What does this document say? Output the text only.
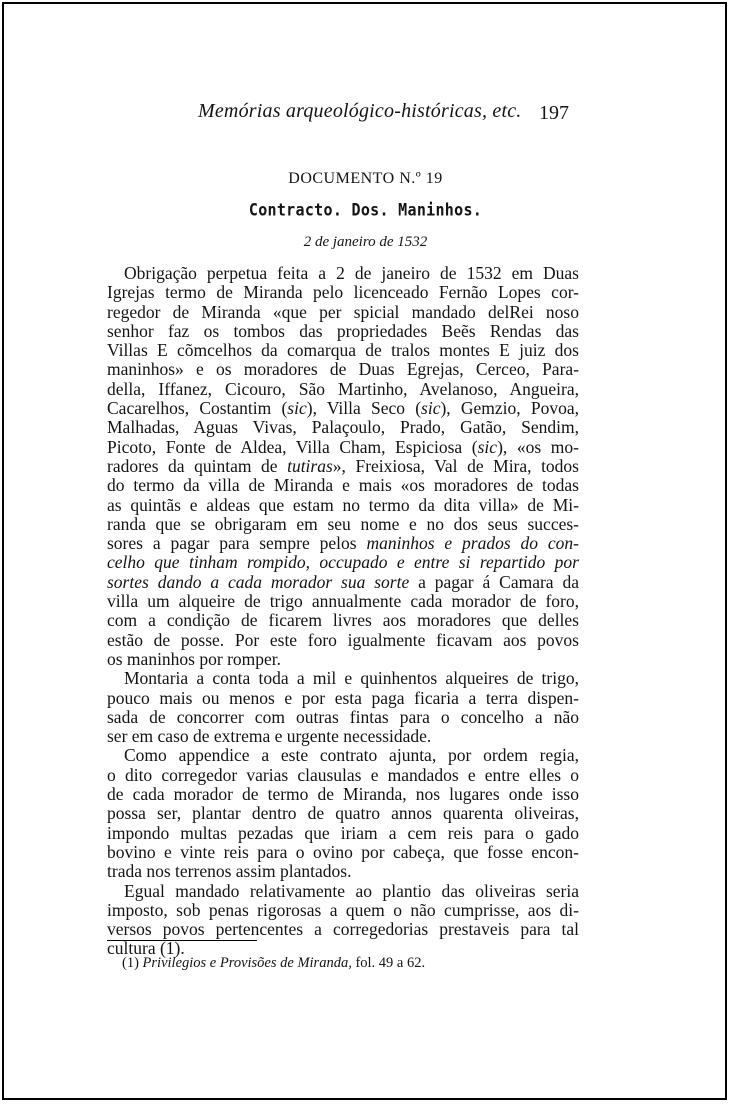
Memórias arqueológico-históricas, etc. 197
DOCUMENTO N.º 19
Contracto. Dos. Maninhos.
2 de janeiro de 1532
Obrigação perpetua feita a 2 de janeiro de 1532 em Duas
Igrejas termo de Miranda pelo licenceado Fernão Lopes cor-
regedor de Miranda «que per spicial mandado delRei noso
senhor faz os tombos das propriedades Beẽs Rendas das
Villas E cõmcelhos da comarqua de tralos montes E juiz dos
maninhos» e os moradores de Duas Egrejas, Cerceo, Para-
della, Iffanez, Cicouro, São Martinho, Avelanoso, Angueira,
Cacarelhos, Costantim (sic), Villa Seco (sic), Gemzio, Povoa,
Malhadas, Aguas Vivas, Palaçoulo, Prado, Gatão, Sendim,
Picoto, Fonte de Aldea, Villa Cham, Espiciosa (sic), «os mo-
radores da quintam de tutiras», Freixiosa, Val de Mira, todos
do termo da villa de Miranda e mais «os moradores de todas
as quintãs e aldeas que estam no termo da dita villa» de Mi-
randa que se obrigaram em seu nome e no dos seus succes-
sores a pagar para sempre pelos maninhos e prados do con-
celho que tinham rompido, occupado e entre si repartido por
sortes dando a cada morador sua sorte a pagar á Camara da
villa um alqueire de trigo annualmente cada morador de foro,
com a condição de ficarem livres aos moradores que delles
estão de posse. Por este foro igualmente ficavam aos povos
os maninhos por romper.
Montaria a conta toda a mil e quinhentos alqueires de trigo,
pouco mais ou menos e por esta paga ficaria a terra dispen-
sada de concorrer com outras fintas para o concelho a não
ser em caso de extrema e urgente necessidade.
Como appendice a este contrato ajunta, por ordem regia,
o dito corregedor varias clausulas e mandados e entre elles o
de cada morador de termo de Miranda, nos lugares onde isso
possa ser, plantar dentro de quatro annos quarenta oliveiras,
impondo multas pezadas que iriam a cem reis para o gado
bovino e vinte reis para o ovino por cabeça, que fosse encon-
trada nos terrenos assim plantados.
Egual mandado relativamente ao plantio das oliveiras seria
imposto, sob penas rigorosas a quem o não cumprisse, aos di-
versos povos pertencentes a corregedorias prestaveis para tal
cultura (1).
(1) Privilegios e Provisões de Miranda, fol. 49 a 62.
